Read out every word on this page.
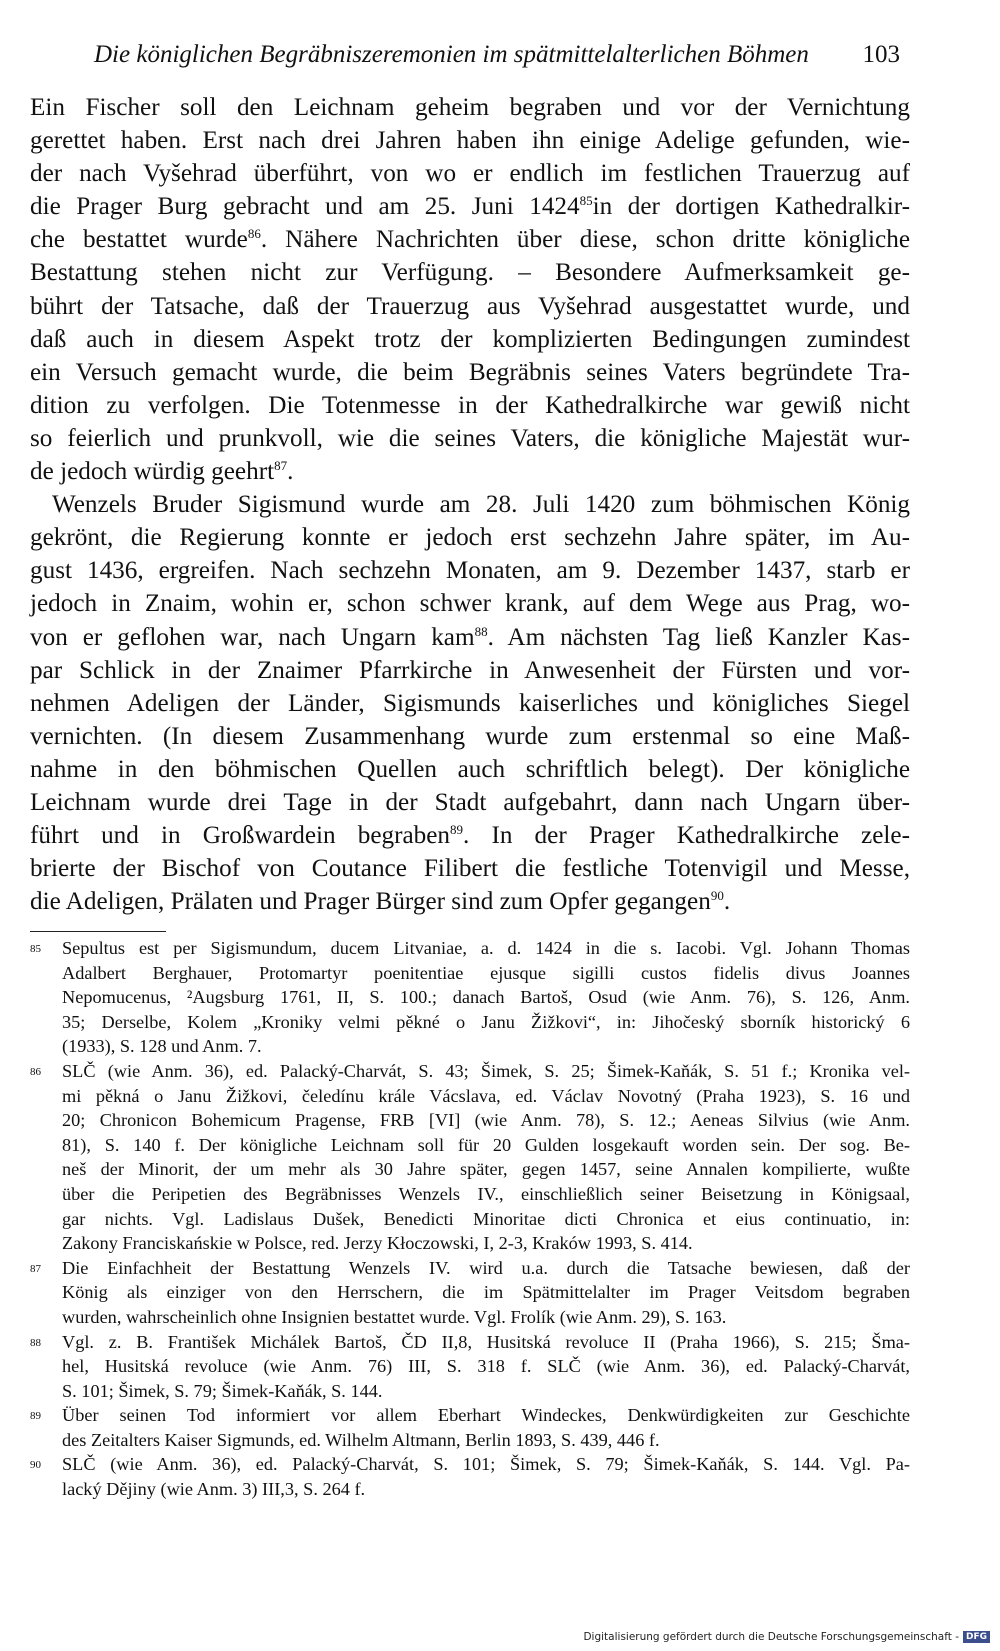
Die königlichen Begräbniszeremonien im spätmittelalterlichen Böhmen 103
Ein Fischer soll den Leichnam geheim begraben und vor der Vernichtung
gerettet haben. Erst nach drei Jahren haben ihn einige Adelige gefunden, wie-
der nach Vyšehrad überführt, von wo er endlich im festlichen Trauerzug auf
die Prager Burg gebracht und am 25. Juni 1424$^{85}$in der dortigen Kathedralkir-
che bestattet wurde$^{86}$. Nähere Nachrichten über diese, schon dritte königliche
Bestattung stehen nicht zur Verfügung. – Besondere Aufmerksamkeit ge-
bührt der Tatsache, daß der Trauerzug aus Vyšehrad ausgestattet wurde, und
daß auch in diesem Aspekt trotz der komplizierten Bedingungen zumindest
ein Versuch gemacht wurde, die beim Begräbnis seines Vaters begründete Tra-
dition zu verfolgen. Die Totenmesse in der Kathedralkirche war gewiß nicht
so feierlich und prunkvoll, wie die seines Vaters, die königliche Majestät wur-
de jedoch würdig geehrt$^{87}$.
Wenzels Bruder Sigismund wurde am 28. Juli 1420 zum böhmischen König
gekrönt, die Regierung konnte er jedoch erst sechzehn Jahre später, im Au-
gust 1436, ergreifen. Nach sechzehn Monaten, am 9. Dezember 1437, starb er
jedoch in Znaim, wohin er, schon schwer krank, auf dem Wege aus Prag, wo-
von er geflohen war, nach Ungarn kam$^{88}$. Am nächsten Tag ließ Kanzler Kas-
par Schlick in der Znaimer Pfarrkirche in Anwesenheit der Fürsten und vor-
nehmen Adeligen der Länder, Sigismunds kaiserliches und königliches Siegel
vernichten. (In diesem Zusammenhang wurde zum erstenmal so eine Maß-
nahme in den böhmischen Quellen auch schriftlich belegt). Der königliche
Leichnam wurde drei Tage in der Stadt aufgebahrt, dann nach Ungarn über-
führt und in Großwardein begraben$^{89}$. In der Prager Kathedralkirche zele-
brierte der Bischof von Coutance Filibert die festliche Totenvigil und Messe,
die Adeligen, Prälaten und Prager Bürger sind zum Opfer gegangen$^{90}$.
85 Sepultus est per Sigismundum, ducem Litvaniae, a. d. 1424 in die s. Iacobi. Vgl. Johann Thomas
Adalbert Berghauer, Protomartyr poenitentiae ejusque sigilli custos fidelis divus Joannes
Nepomucenus, ²Augsburg 1761, II, S. 100.; danach Bartoš, Osud (wie Anm. 76), S. 126, Anm.
35; Derselbe, Kolem „Kroniky velmi pěkné o Janu Žižkovi“, in: Jihočeský sborník historický 6
(1933), S. 128 und Anm. 7.
86 SLČ (wie Anm. 36), ed. Palacký-Charvát, S. 43; Šimek, S. 25; Šimek-Kaňák, S. 51 f.; Kronika vel-
mi pěkná o Janu Žižkovi, čeledínu krále Vácslava, ed. Václav Novotný (Praha 1923), S. 16 und
20; Chronicon Bohemicum Pragense, FRB [VI] (wie Anm. 78), S. 12.; Aeneas Silvius (wie Anm.
81), S. 140 f. Der königliche Leichnam soll für 20 Gulden losgekauft worden sein. Der sog. Be-
neš der Minorit, der um mehr als 30 Jahre später, gegen 1457, seine Annalen kompilierte, wußte
über die Peripetien des Begräbnisses Wenzels IV., einschließlich seiner Beisetzung in Königsaal,
gar nichts. Vgl. Ladislaus Dušek, Benedicti Minoritae dicti Chronica et eius continuatio, in:
Zakony Franciskańskie w Polsce, red. Jerzy Kłoczowski, I, 2-3, Kraków 1993, S. 414.
87 Die Einfachheit der Bestattung Wenzels IV. wird u.a. durch die Tatsache bewiesen, daß der
König als einziger von den Herrschern, die im Spätmittelalter im Prager Veitsdom begraben
wurden, wahrscheinlich ohne Insignien bestattet wurde. Vgl. Frolík (wie Anm. 29), S. 163.
88 Vgl. z. B. František Michálek Bartoš, ČD II,8, Husitská revoluce II (Praha 1966), S. 215; Šma-
hel, Husitská revoluce (wie Anm. 76) III, S. 318 f. SLČ (wie Anm. 36), ed. Palacký-Charvát,
S. 101; Šimek, S. 79; Šimek-Kaňák, S. 144.
89 Über seinen Tod informiert vor allem Eberhart Windeckes, Denkwürdigkeiten zur Geschichte
des Zeitalters Kaiser Sigmunds, ed. Wilhelm Altmann, Berlin 1893, S. 439, 446 f.
90 SLČ (wie Anm. 36), ed. Palacký-Charvát, S. 101; Šimek, S. 79; Šimek-Kaňák, S. 144. Vgl. Pa-
lacký Dějiny (wie Anm. 3) III,3, S. 264 f.
Digitalisierung gefördert durch die Deutsche Forschungsgemeinschaft - DFG
